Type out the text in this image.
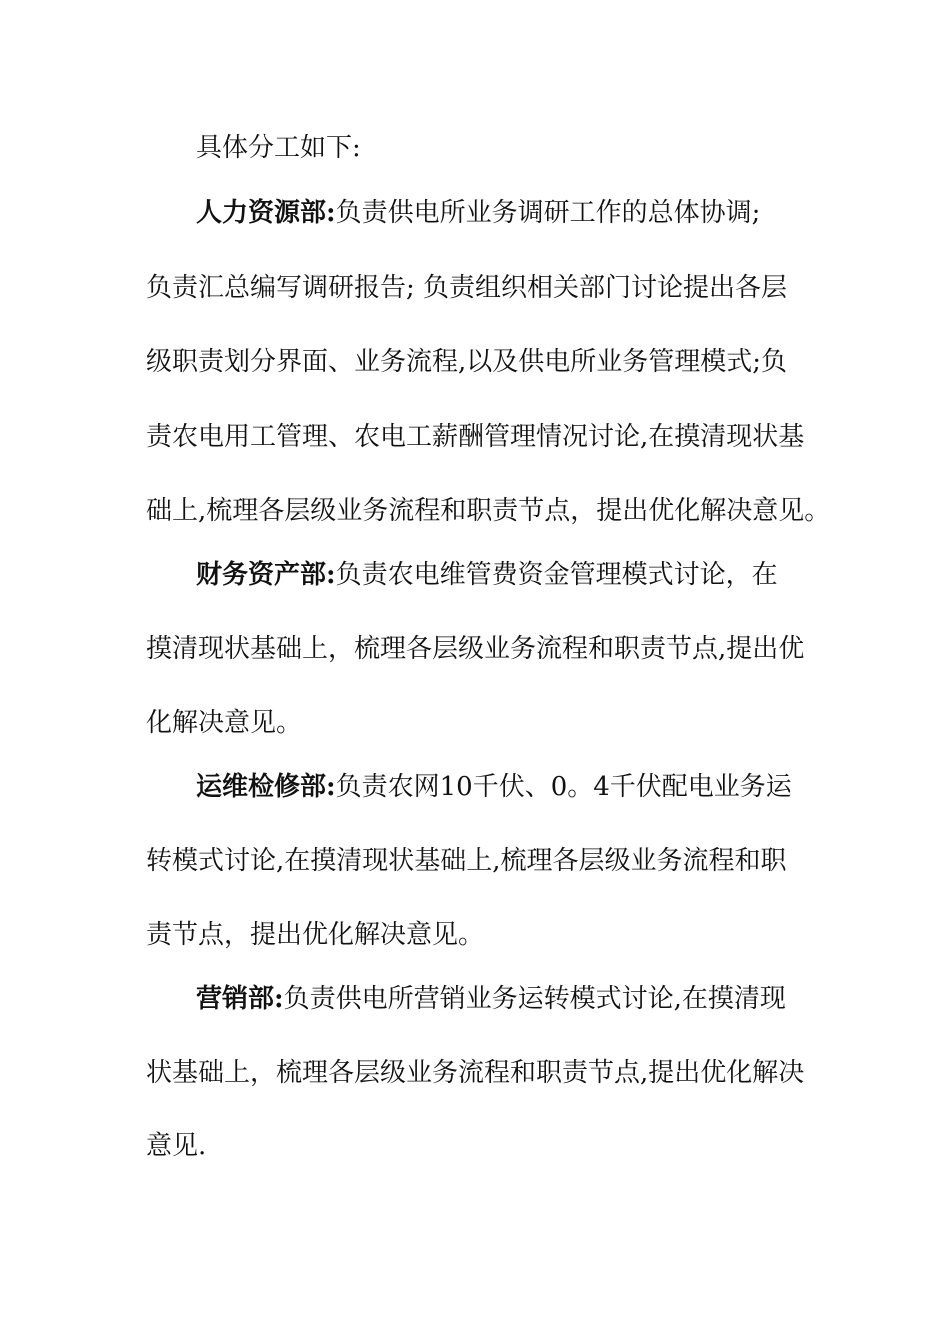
具体分工如下:
人力资源部:负责供电所业务调研工作的总体协调;
负责汇总编写调研报告; 负责组织相关部门讨论提出各层
级职责划分界面、业务流程,以及供电所业务管理模式;负
责农电用工管理、农电工薪酬管理情况讨论,在摸清现状基
础上,梳理各层级业务流程和职责节点，提出优化解决意见。
财务资产部:负责农电维管费资金管理模式讨论，在
摸清现状基础上，梳理各层级业务流程和职责节点,提出优
化解决意见。
运维检修部:负责农网10千伏、0。4千伏配电业务运
转模式讨论,在摸清现状基础上,梳理各层级业务流程和职
责节点，提出优化解决意见。
营销部:负责供电所营销业务运转模式讨论,在摸清现
状基础上，梳理各层级业务流程和职责节点,提出优化解决
意见.
